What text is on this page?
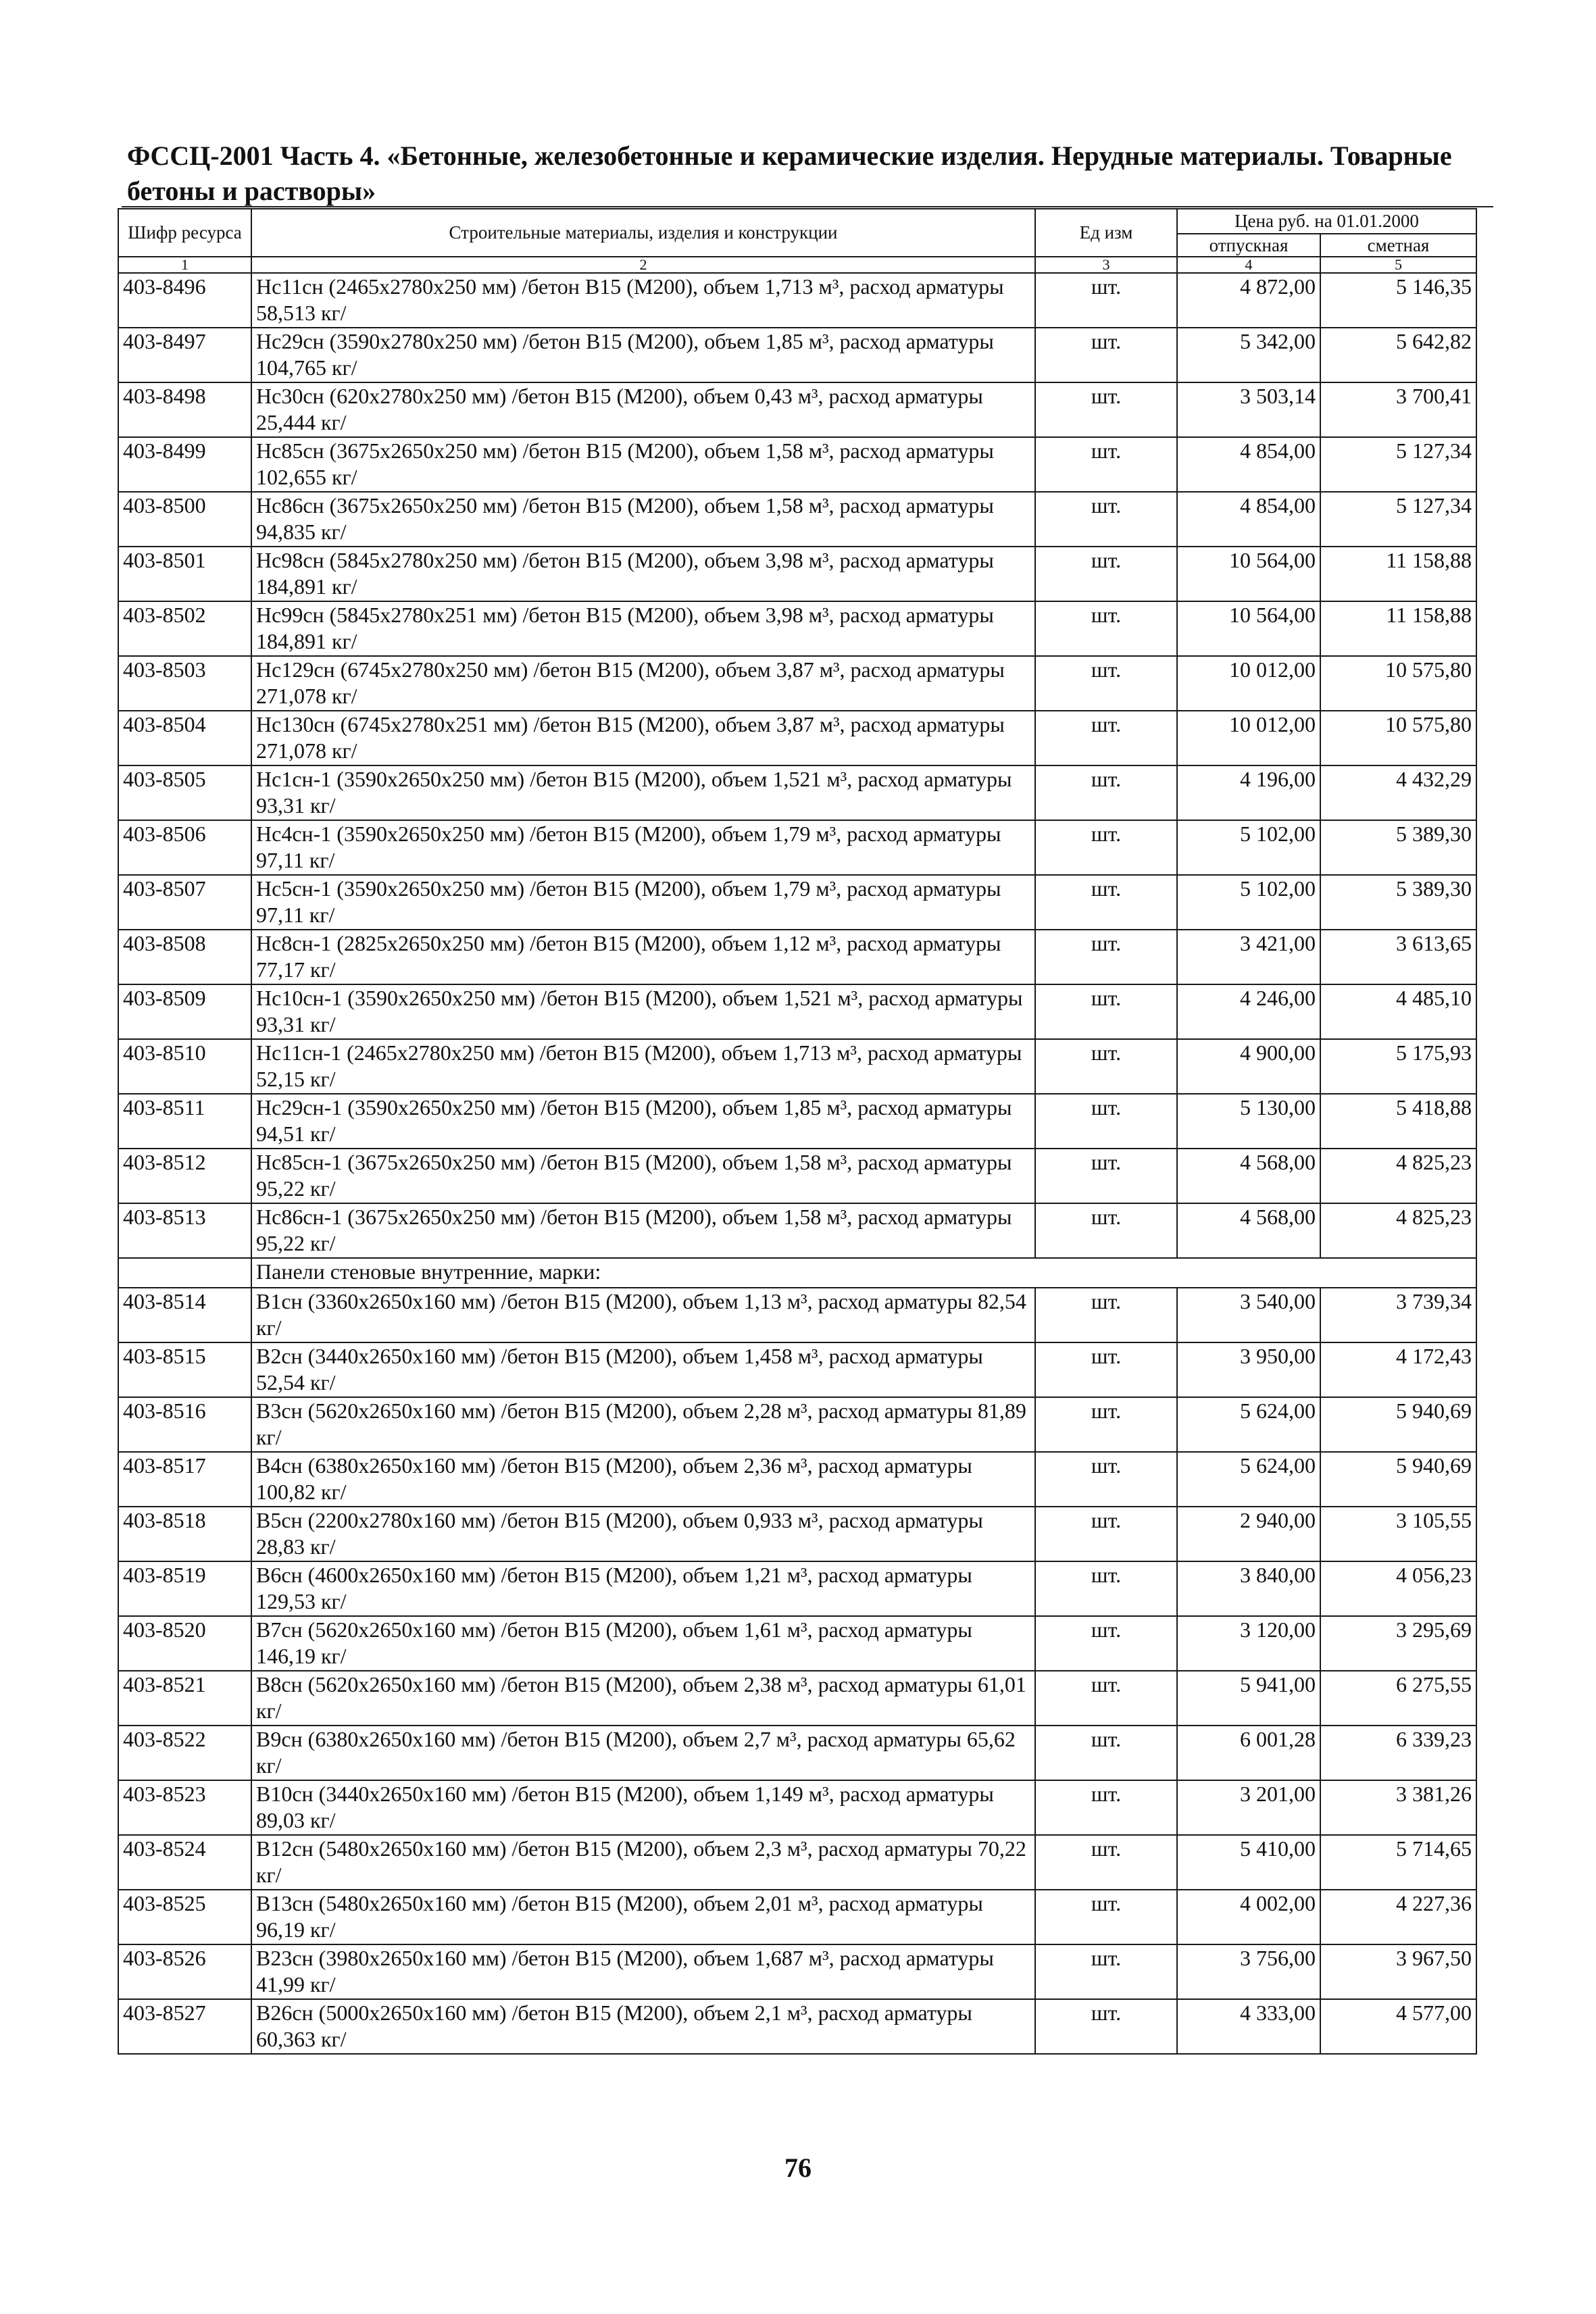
ФССЦ-2001 Часть 4. «Бетонные, железобетонные и керамические изделия. Нерудные материалы. Товарные бетоны и растворы»
Шифр ресурса	Строительные материалы, изделия и конструкции	Ед изм	Цена руб. на 01.01.2000	
			отпускная	сметная
1	2	3	4	5
403-8496	Нс11сн (2465х2780х250 мм) /бетон В15 (М200), объем 1,713 м³, расход арматуры 58,513 кг/	шт.	4 872,00	5 146,35
403-8497	Нс29сн (3590х2780х250 мм) /бетон В15 (М200), объем 1,85 м³, расход арматуры 104,765 кг/	шт.	5 342,00	5 642,82
403-8498	Нс30сн (620х2780х250 мм) /бетон В15 (М200), объем 0,43 м³, расход арматуры 25,444 кг/	шт.	3 503,14	3 700,41
403-8499	Нс85сн (3675х2650х250 мм) /бетон В15 (М200), объем 1,58 м³, расход арматуры 102,655 кг/	шт.	4 854,00	5 127,34
403-8500	Нс86сн (3675х2650х250 мм) /бетон В15 (М200), объем 1,58 м³, расход арматуры 94,835 кг/	шт.	4 854,00	5 127,34
403-8501	Нс98сн (5845х2780х250 мм) /бетон В15 (М200), объем 3,98 м³, расход арматуры 184,891 кг/	шт.	10 564,00	11 158,88
403-8502	Нс99сн (5845х2780х251 мм) /бетон В15 (М200), объем 3,98 м³, расход арматуры 184,891 кг/	шт.	10 564,00	11 158,88
403-8503	Нс129сн (6745х2780х250 мм) /бетон В15 (М200), объем 3,87 м³, расход арматуры 271,078 кг/	шт.	10 012,00	10 575,80
403-8504	Нс130сн (6745х2780х251 мм) /бетон В15 (М200), объем 3,87 м³, расход арматуры 271,078 кг/	шт.	10 012,00	10 575,80
403-8505	Нс1сн-1 (3590х2650х250 мм) /бетон В15 (М200), объем 1,521 м³, расход арматуры 93,31 кг/	шт.	4 196,00	4 432,29
403-8506	Нс4сн-1 (3590х2650х250 мм) /бетон В15 (М200), объем 1,79 м³, расход арматуры 97,11 кг/	шт.	5 102,00	5 389,30
403-8507	Нс5сн-1 (3590х2650х250 мм) /бетон В15 (М200), объем 1,79 м³, расход арматуры 97,11 кг/	шт.	5 102,00	5 389,30
403-8508	Нс8сн-1 (2825х2650х250 мм) /бетон В15 (М200), объем 1,12 м³, расход арматуры 77,17 кг/	шт.	3 421,00	3 613,65
403-8509	Нс10сн-1 (3590х2650х250 мм) /бетон В15 (М200), объем 1,521 м³, расход арматуры 93,31 кг/	шт.	4 246,00	4 485,10
403-8510	Нс11сн-1 (2465х2780х250 мм) /бетон В15 (М200), объем 1,713 м³, расход арматуры 52,15 кг/	шт.	4 900,00	5 175,93
403-8511	Нс29сн-1 (3590х2650х250 мм) /бетон В15 (М200), объем 1,85 м³, расход арматуры 94,51 кг/	шт.	5 130,00	5 418,88
403-8512	Нс85сн-1 (3675х2650х250 мм) /бетон В15 (М200), объем 1,58 м³, расход арматуры 95,22 кг/	шт.	4 568,00	4 825,23
403-8513	Нс86сн-1 (3675х2650х250 мм) /бетон В15 (М200), объем 1,58 м³, расход арматуры 95,22 кг/	шт.	4 568,00	4 825,23
	Панели стеновые внутренние, марки:			
403-8514	В1сн (3360х2650х160 мм) /бетон В15 (М200), объем 1,13 м³, расход арматуры 82,54 кг/	шт.	3 540,00	3 739,34
403-8515	В2сн (3440х2650х160 мм) /бетон В15 (М200), объем 1,458 м³, расход арматуры 52,54 кг/	шт.	3 950,00	4 172,43
403-8516	В3сн (5620х2650х160 мм) /бетон В15 (М200), объем 2,28 м³, расход арматуры 81,89 кг/	шт.	5 624,00	5 940,69
403-8517	В4сн (6380х2650х160 мм) /бетон В15 (М200), объем 2,36 м³, расход арматуры 100,82 кг/	шт.	5 624,00	5 940,69
403-8518	В5сн (2200х2780х160 мм) /бетон В15 (М200), объем 0,933 м³, расход арматуры 28,83 кг/	шт.	2 940,00	3 105,55
403-8519	В6сн (4600х2650х160 мм) /бетон В15 (М200), объем 1,21 м³, расход арматуры 129,53 кг/	шт.	3 840,00	4 056,23
403-8520	В7сн (5620х2650х160 мм) /бетон В15 (М200), объем 1,61 м³, расход арматуры 146,19 кг/	шт.	3 120,00	3 295,69
403-8521	В8сн (5620х2650х160 мм) /бетон В15 (М200), объем 2,38 м³, расход арматуры 61,01 кг/	шт.	5 941,00	6 275,55
403-8522	В9сн (6380х2650х160 мм) /бетон В15 (М200), объем 2,7 м³, расход арматуры 65,62 кг/	шт.	6 001,28	6 339,23
403-8523	В10сн (3440х2650х160 мм) /бетон В15 (М200), объем 1,149 м³, расход арматуры 89,03 кг/	шт.	3 201,00	3 381,26
403-8524	В12сн (5480х2650х160 мм) /бетон В15 (М200), объем 2,3 м³, расход арматуры 70,22 кг/	шт.	5 410,00	5 714,65
403-8525	В13сн (5480х2650х160 мм) /бетон В15 (М200), объем 2,01 м³, расход арматуры 96,19 кг/	шт.	4 002,00	4 227,36
403-8526	В23сн (3980х2650х160 мм) /бетон В15 (М200), объем 1,687 м³, расход арматуры 41,99 кг/	шт.	3 756,00	3 967,50
403-8527	В26сн (5000х2650х160 мм) /бетон В15 (М200), объем 2,1 м³, расход арматуры 60,363 кг/	шт.	4 333,00	4 577,00
76
